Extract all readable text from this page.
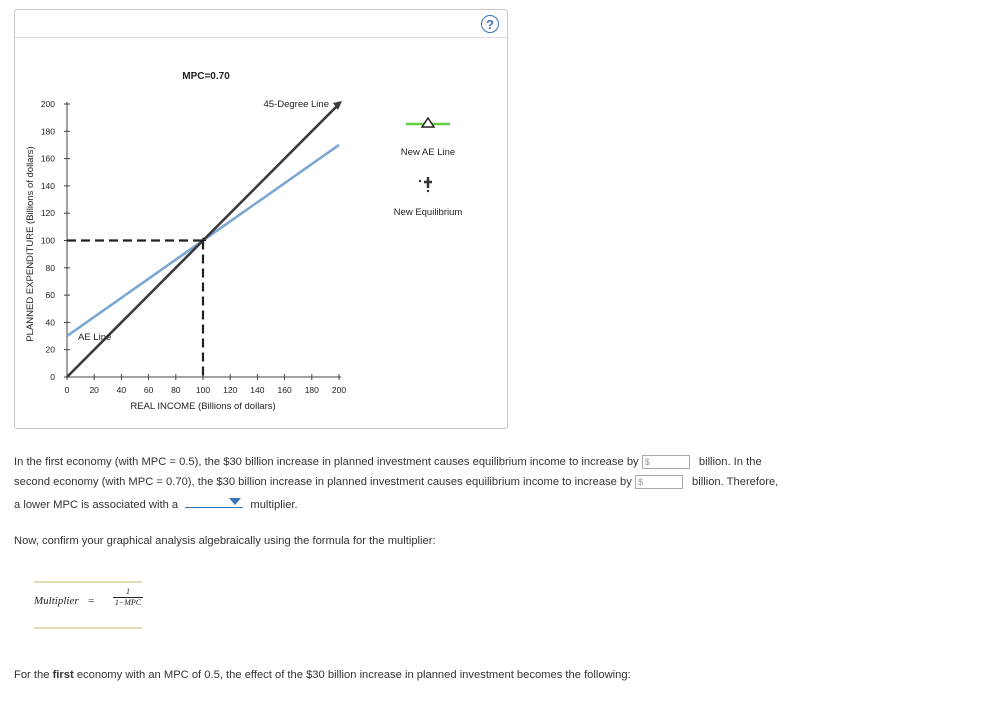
?
0
20
40
60
80
100
120
140
160
180
200
0 20 40 60 80 100 120 140 160 180 200
MPC=0.70
REAL INCOME (Billions of dollars)
PLANNED EXPENDITURE (Billions of dollars)
45-Degree Line
AE Line
New AE Line
New Equilibrium
In the first economy (with MPC = 0.5), the $30 billion increase in planned investment causes equilibrium income to increase by $	billion. In the
second economy (with MPC = 0.70), the $30 billion increase in planned investment causes equilibrium income to increase by $	billion. Therefore,
a lower MPC is associated with a	multiplier.
Now, confirm your graphical analysis algebraically using the formula for the multiplier:
Multiplier =
1
1−MPC
For the first economy with an MPC of 0.5, the effect of the $30 billion increase in planned investment becomes the following:
